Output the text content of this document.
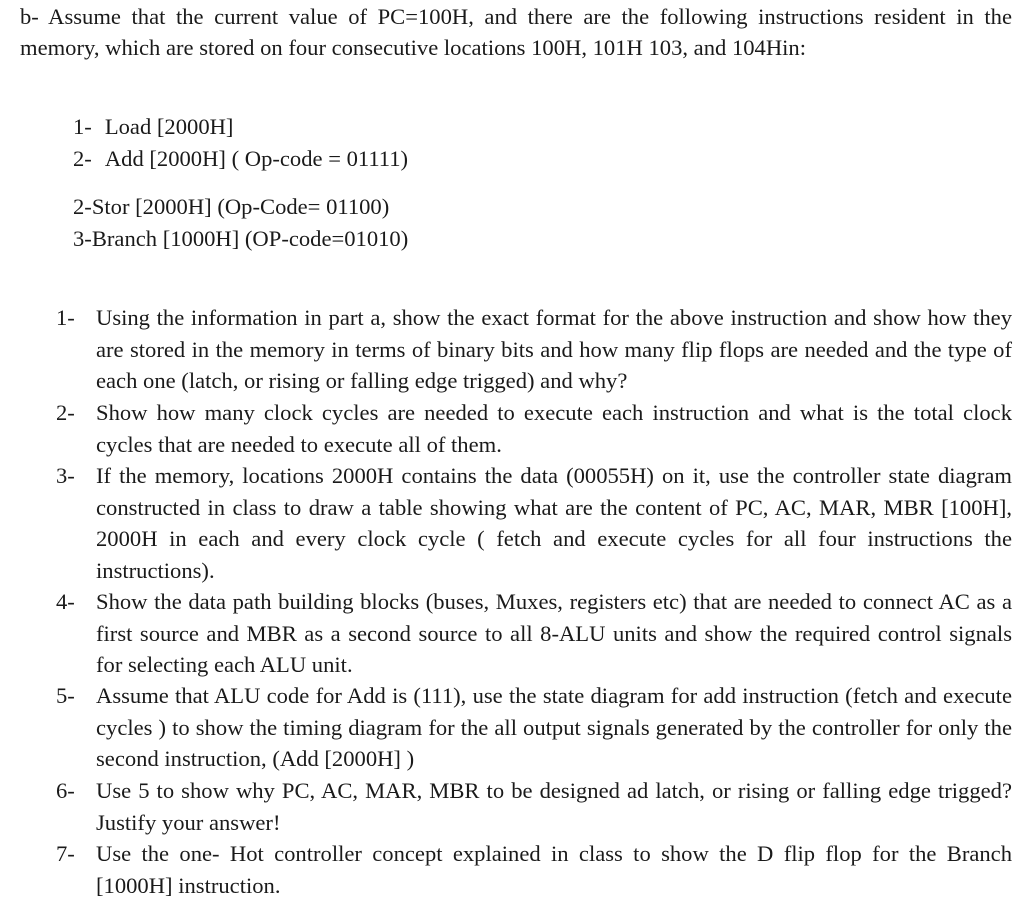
b- Assume that the current value of PC=100H, and there are the following instructions resident in the memory, which are stored on four consecutive locations 100H, 101H 103, and 104Hin:
1- Load [2000H]
2- Add [2000H] ( Op-code = 01111)
2-Stor [2000H] (Op-Code= 01100)
3-Branch [1000H] (OP-code=01010)
1- Using the information in part a, show the exact format for the above instruction and show how they are stored in the memory in terms of binary bits and how many flip flops are needed and the type of each one (latch, or rising or falling edge trigged) and why?
2- Show how many clock cycles are needed to execute each instruction and what is the total clock cycles that are needed to execute all of them.
3- If the memory, locations 2000H contains the data (00055H) on it, use the controller state diagram constructed in class to draw a table showing what are the content of PC, AC, MAR, MBR [100H], 2000H in each and every clock cycle ( fetch and execute cycles for all four instructions the instructions).
4- Show the data path building blocks (buses, Muxes, registers etc) that are needed to connect AC as a first source and MBR as a second source to all 8-ALU units and show the required control signals for selecting each ALU unit.
5- Assume that ALU code for Add is (111), use the state diagram for add instruction (fetch and execute cycles ) to show the timing diagram for the all output signals generated by the controller for only the second instruction, (Add [2000H] )
6- Use 5 to show why PC, AC, MAR, MBR to be designed ad latch, or rising or falling edge trigged? Justify your answer!
7- Use the one- Hot controller concept explained in class to show the D flip flop for the Branch [1000H] instruction.
